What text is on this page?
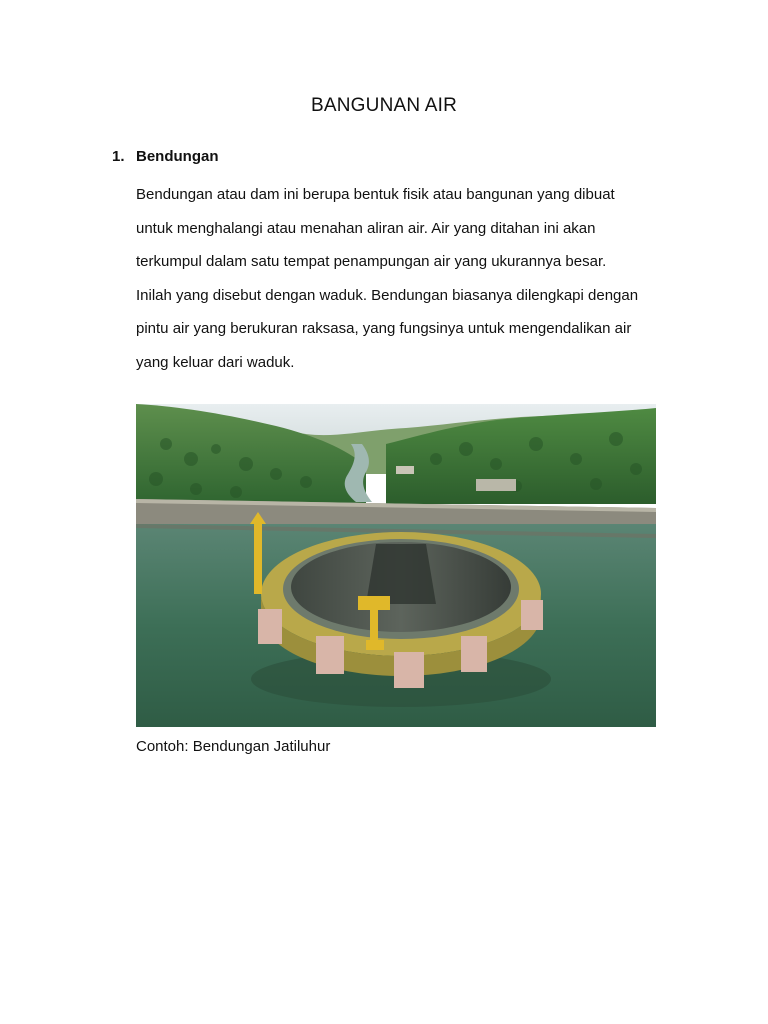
BANGUNAN AIR
1. Bendungan
Bendungan atau dam ini berupa bentuk fisik atau bangunan yang dibuat
untuk menghalangi atau menahan aliran air. Air yang ditahan ini akan
terkumpul dalam satu tempat penampungan air yang ukurannya besar.
Inilah yang disebut dengan waduk. Bendungan biasanya dilengkapi dengan
pintu air yang berukuran raksasa, yang fungsinya untuk mengendalikan air
yang keluar dari waduk.
Contoh: Bendungan Jatiluhur
